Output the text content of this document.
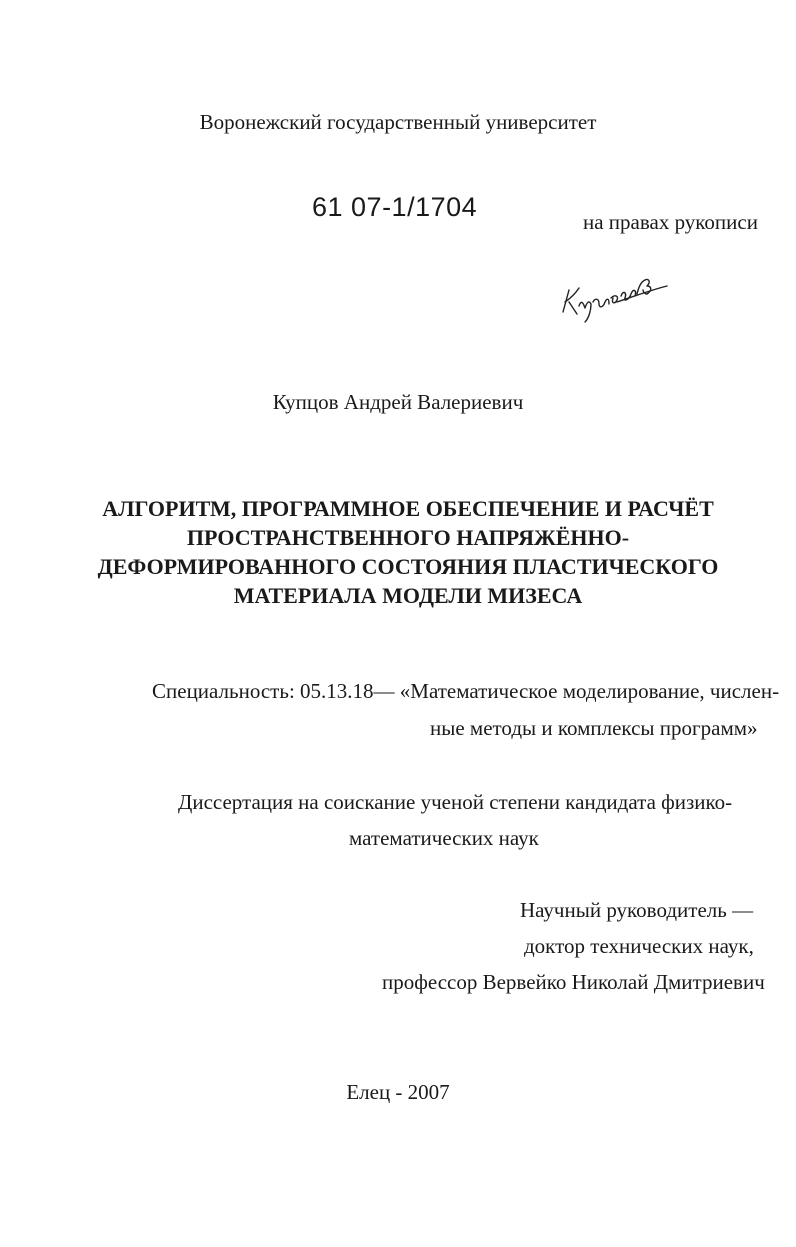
Воронежский государственный университет
61 07-1/1704	на правах рукописи
Купцов Андрей Валериевич
АЛГОРИТМ, ПРОГРАММНОЕ ОБЕСПЕЧЕНИЕ И РАСЧЁТ
ПРОСТРАНСТВЕННОГО НАПРЯЖЁННО-
ДЕФОРМИРОВАННОГО СОСТОЯНИЯ ПЛАСТИЧЕСКОГО
МАТЕРИАЛА МОДЕЛИ МИЗЕСА
Специальность: 05.13.18— «Математическое моделирование, числен-
ные методы и комплексы программ»
Диссертация на соискание ученой степени кандидата физико-
математических наук
Научный руководитель —
доктор технических наук,
профессор Вервейко Николай Дмитриевич
Елец - 2007
